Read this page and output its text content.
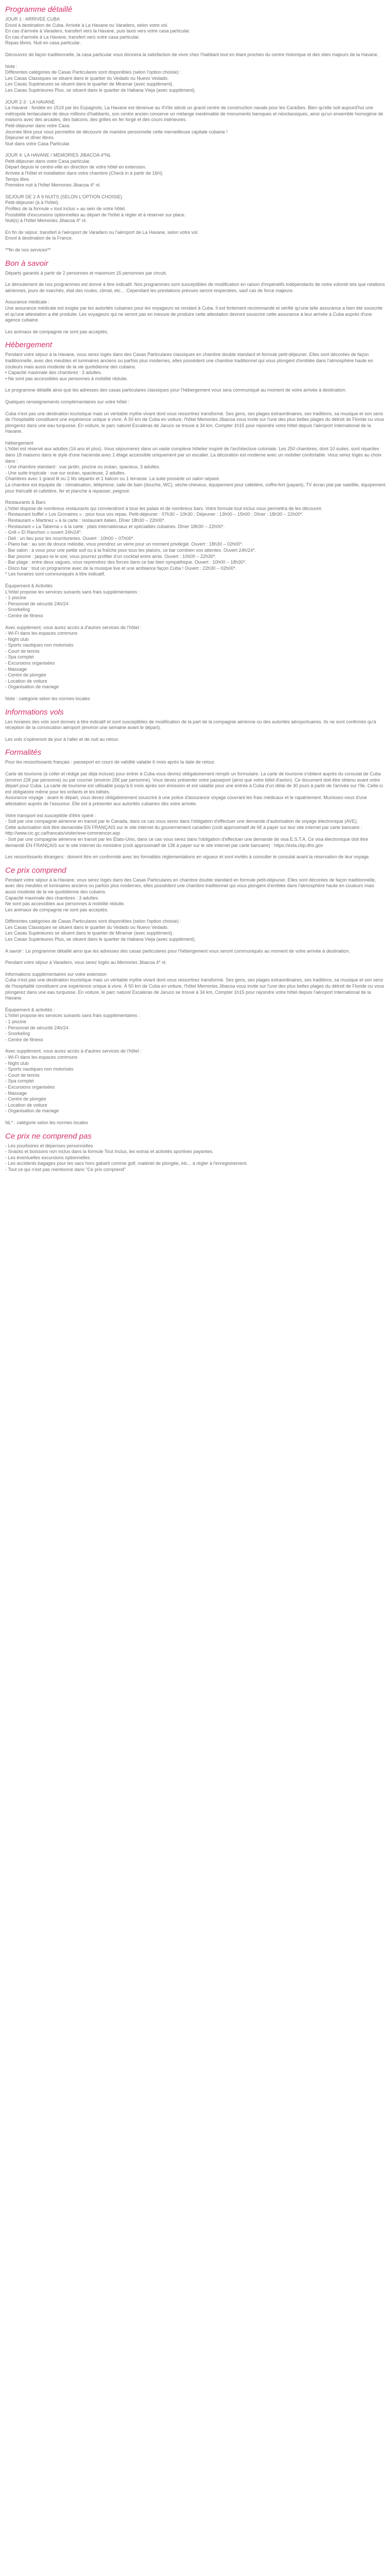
Programme détaillé

JOUR 1 : ARRIVEE CUBA
Envol à destination de Cuba. Arrivée à La Havane ou Varadero, selon votre vol.
En cas d'arrivée à Varadero, transfert vers la Havane, puis taxis vers votre casa particular.
En cas d'arrivée à La Havane, transfert vers votre casa particular.
Repas libres. Nuit en casa particular.

Découvrez de façon traditionnelle, la casa particular vous donnera la satisfaction de vivre chez l'habitant tout en étant proches du centre historique et des sites majeurs de la Havane.

Note :
Différentes catégories de Casas Particulares sont disponibles (selon l'option choisie) :
Les Casas Classiques se situent dans le quartier du Vedado ou Nuevo Vedado.
Les Casas Supérieures se situent dans le quartier de Miramar (avec supplément).
Les Casas Supérieures Plus, se situent dans le quartier de Habana Vieja (avec supplément).

JOUR 2-3 : LA HAVANE
La Havane : fondée en 1519 par les Espagnols, La Havane est devenue au XVIIe siècle un grand centre de construction navale pour les Caraïbes. Bien qu'elle soit aujourd'hui une métropole tentaculaire de deux millions d'habitants, son centre ancien conserve un mélange inestimable de monuments baroques et néoclassiques, ainsi qu'un ensemble homogène de maisons avec des arcades, des balcons, des grilles en fer forgé et des cours intérieures.
Petit-déjeuner dans votre Casa.
Journée libre pour vous permettre de découvrir de manière personnelle cette merveilleuse capitale cubaine !
Déjeuner et dîner libres.
Nuit dans votre Casa Particular.

JOUR 4: LA HAVANE / MEMORIES JIBACOA 4*NL
Petit-déjeuner dans votre Casa particular.
Départ depuis le centre-ville en direction de votre hôtel en extension.
Arrivée à l'hôtel et installation dans votre chambre (Check in à partir de 16H).
Temps libre.
Première nuit à l'hôtel Memories Jibacoa 4* nl.

SEJOUR DE 2 À 9 NUITS (SELON L'OPTION CHOISIE)
Petit-déjeuner (à à l'hôtel).
Profitez de la formule « tout inclus » au sein de votre hôtel.
Possibilité d'excursions optionnelles au départ de l'hôtel à régler et à réserver sur place.
Nuit(s) à l'hôtel Memories Jibacoa 4* nl.

En fin de séjour, transfert à l'aéroport de Varadero ou l'aéroport de La Havane, selon votre vol.
Envol à destination de la France.

**fin de nos services**

Bon à savoir

Départs garantis à partir de 2 personnes et maximum 15 personnes par circuit.

Le déroulement de nos programmes est donné à titre indicatif. Nos programmes sont susceptibles de modification en raison d'impératifs indépendants de notre volonté tels que rotations aériennes, jours de marchés, état des routes, climat, etc… Cependant les prestations prévues seront respectées, sauf cas de force majeure.

Assurance médicale :
Une assurance médicale est exigée par les autorités cubaines pour les voyageurs se rendant à Cuba. Il est fortement recommandé et vérifié qu'une telle assurance a bien été souscrite et qu'une attestation a été produite. Les voyageurs qui ne seront pas en mesure de produire cette attestation devront souscrire cette assurance à leur arrivée à Cuba auprès d'une agence cubaine.

Les animaux de compagnie ne sont pas acceptés.

Hébergement

Pendant votre séjour à la Havane, vous serez logés dans des Casas Particulares classiques en chambre double standard et formule petit-déjeuner. Elles sont décorées de façon traditionnelle, avec des meubles et luminaires anciens ou parfois plus modernes, elles possèdent une chambre traditionnel qui vous plongent d'emblée dans l'atmosphère haute en couleurs mais aussi modeste de la vie quotidienne des cubains.
• Capacité maximale des chambres : 3 adultes.
• Ne sont pas accessibles aux personnes à mobilité réduite.

Le programme détaillé ainsi que les adresses des casas particulares classiques pour l'hébergement vous sera communiqué au moment de votre arrivée à destination.

Quelques renseignements complémentaires sur votre hôtel :

Cuba n'est pas une destination touristique mais un véritable mythe vivant dont vous ressortirez transformé. Ses gens, ses plages extraordinaires, ses traditions, sa musique et son sens de l'hospitalité constituent une expérience unique à vivre. À 50 km de Cuba en voiture, l'hôtel Memories Jibacoa vous invite sur l'une des plus belles plages du détroit de Floride ou vous plongerez dans une eau turquoise. En voiture, le parc naturel Escaleras de Jaruco se trouve à 34 km, Compter 1h15 pour rejoindre votre hôtel depuis l'aéroport International de la Havane.

Hébergement
L'hôtel est réservé aux adultes (16 ans et plus). Vous séjournerez dans un vaste complexe hôtelier inspiré de l'architecture coloniale. Les 250 chambres, dont 10 suites, sont réparties dans 18 maisons dans le style d'une hacienda avec 1 étage accessible uniquement par un escalier. La décoration est moderne avec un mobilier confortable. Vous serez logés au choix dans :
- Une chambre standard : vue jardin, piscine ou océan, spacieux, 3 adultes.
- Une suite tropicale : vue sur océan, spacieuse, 2 adultes.
Chambres avec 1 grand lit ou 2 lits séparés et 1 balcon ou 1 terrasse. La suite possède un salon séparé.
La chambre est équipée de : climatisation, téléphone, salle de bain (douche, WC), sèche-cheveux, équipement pour cafetière, coffre-fort (payant), TV écran plat par satellite, équipement pour thé/café et cafetière, fer et planche à repasser, peignoir.

Restaurants & Bars
L'hôtel dispose de nombreux restaurants qui conviendront à tous les palais et de nombreux bars. Votre formule tout inclus vous permettra de les découvrir.
- Restaurant buffet « Los Gronaires » : pour tous vos repas. Petit-déjeuner : 07h30 – 10h30 ; Déjeuner : 13h00 – 15h00 ; Dîner : 18h30 – 22h00*.
- Restaurant « Martinez » à la carte : restaurant italien. Dîner 18h30 – 22h00*.
- Restaurant « La Taberna » à la carte : plats internationaux et spécialités cubaines. Dîner 18h30 – 22h00*.
- Grill « El Ranchon » ouvert 24h/24*.
- Deli : un lieu pour les nourritureries. Ouvert : 10h00 – 07h00*.
- Piano bar : au son de douce mélodie, vous prendrez un verre pour un moment privilégié. Ouvert : 18h30 – 02h00*.
- Bar salon : à vous pour une petite soif ou à la fraîche pour tous les plaisirs, ce bar combien vos attentes. Ouvert 24h/24*.
- Bar piscine : jaquez-la le soir, vous pourrez profiter d'un cocktail entre amis. Ouvert : 10h00 – 22h30*.
- Bar plage : entre deux vagues, vous reprendrez des forces dans ce bar bien sympathique. Ouvert : 10h00 – 18h30*.
- Disco bar : tout un programme avec de la musique live et une ambiance façon Cuba ! Ouvert : 22h30 – 02h00*.
* Les horaires sont communiqués à titre indicatif.

Équipement & Activités
L'hôtel propose les services suivants sans frais supplémentaires :
- 1 piscine
- Personnel de sécurité 24h/24
- Snorkeling
- Centre de fitness

Avec supplément, vous aurez accès à d'autres services de l'hôtel :
- Wi-Fi dans les espaces communs
- Night club
- Sports nautiques non motorisés
- Court de tennis
- Spa complet
- Excursions organisées
- Massage
- Centre de plongée
- Location de voiture
- Organisation de mariage

Note : catégorie selon les normes locales

Informations vols

Les horaires des vols sont donnés à titre indicatif et sont susceptibles de modification de la part de la compagnie aérienne ou des autorités aéroportuaires. Ils ne sont confirmés qu'à réception de la convocation aéroport (environ une semaine avant le départ).

Les vols s'opèreront de jour à l'aller et de nuit au retour.

Formalités

Pour les ressortissants français : passeport en cours de validité valable 6 mois après la date de retour.

Carte de tourisme (à coller et rédigé par déjà incluse) pour entrer à Cuba vous devrez obligatoirement remplir un formulaire. La carte de tourisme s'obtient auprès du consulat de Cuba (environ 22€ par personne) ou par courrier (environ 25€ par personne). Vous devez présenter votre passeport (ainsi que votre billet d'avion). Ce document doit être obtenu avant votre départ pour Cuba. La carte de tourisme est utilisable jusqu'à 6 mois après son émission et est valable pour une entrée à Cuba d'un délai de 30 jours à partir de l'arrivée sur l'île. Celle-ci est obligatoire même pour les enfants et les bébés.
Assurance voyage : avant le départ, vous devez obligatoirement souscrire à une police d'assurance voyage couvrant les frais médicaux et le rapatriement. Munissez-vous d'une attestation auprès de l'assureur. Elle est à présenter aux autorités cubaines dès votre arrivée.

Votre transport est susceptible d'être opéré :
- Soit par une compagnie aérienne en transit par le Canada, dans ce cas vous serez dans l'obligation d'effectuer une demande d'autorisation de voyage électronique (AVE).
Cette autorisation doit être demandée EN FRANÇAIS sur le site internet du gouvernement canadien (coût approximatif de 6€ à payer sur leur site internet par carte bancaire : http://www.cic.gc.ca/francais/visiter/eve-commencer.asp
- Soit par une compagnie aérienne en transit par les États-Unis, dans ce cas vous serez dans l'obligation d'effectuer une demande de visa E.S.T.A. Ce visa électronique doit être demandé EN FRANÇAIS sur le site internet du ministère (coût approximatif de 13€ à payer sur le site internet par carte bancaire) : https://esta.cbp.dhs.gov

Les ressortissants étrangers : doivent être en conformité avec les formalités réglementations en vigueur et sont invités à consulter le consulat avant la réservation de leur voyage.

Ce prix comprend

Pendant votre séjour à la Havane, vous serez logés dans des Casas Particulares en chambre double standard en formule petit-déjeuner. Elles sont décorées de façon traditionnelle, avec des meubles et luminaires anciens ou parfois plus modernes, elles possèdent une chambre traditionnel qui vous plongent d'emblée dans l'atmosphère haute en couleurs mais aussi modeste de la vie quotidienne des cubains.
Capacité maximale des chambres : 3 adultes.
Ne sont pas accessibles aux personnes à mobilité réduite.
Les animaux de compagnie ne sont pas acceptés.

Différentes catégories de Casas Particulares sont disponibles (selon l'option choisie) :
Les Casas Classiques se situent dans le quartier du Vedado ou Nuevo Vedado.
Les Casas Supérieures se situent dans le quartier de Miramar (avec supplément).
Les Casas Supérieures Plus, se situent dans le quartier de Habana Vieja (avec supplément).

A savoir : Le programme détaillé ainsi que les adresses des casas particulares pour l'hébergement vous seront communiqués au moment de votre arrivée à destination.

Pendant votre séjour à Varadero, vous serez logés au Memories Jibacoa 4* nl.

Informations supplémentaires sur votre extension
Cuba n'est pas une destination touristique mais un véritable mythe vivant dont vous ressortirez transformé. Ses gens, ses plages extraordinaires, ses traditions, sa musique et son sens de l'hospitalité constituent une expérience unique à vivre. À 50 km de Cuba en voiture, l'hôtel Memories Jibacoa vous invite sur l'une des plus belles plages du détroit de Floride ou vous plongerez dans une eau turquoise. En voiture, le parc naturel Escaleras de Jaruco se trouve à 34 km, Compter 1h15 pour rejoindre votre hôtel depuis l'aéroport International de la Havane.

Équipement & activités :
L'hôtel propose les services suivants sans frais supplémentaires :
- 1 piscine
- Personnel de sécurité 24h/24
- Snorkeling
- Centre de fitness

Avec supplément, vous aurez accès à d'autres services de l'hôtel :
- Wi-Fi dans les espaces communs
- Night club
- Sports nautiques non motorisés
- Court de tennis
- Spa complet
- Excursions organisées
- Massage
- Centre de plongée
- Location de voiture
- Organisation de mariage

NL* : catégorie selon les normes locales

Ce prix ne comprend pas

- Les pourboires et dépenses personnelles
- Snacks et boissons non inclus dans la formule Tout Inclus, les extras et activités sportives payantes.
- Les éventuelles excursions optionnelles
- Les accidents bagages pour les sacs hors gabarit comme golf, matériel de plongée, etc... à régler à l'enregistrement.
- Tout ce qui n'est pas mentionné dans "Ce prix comprend"
